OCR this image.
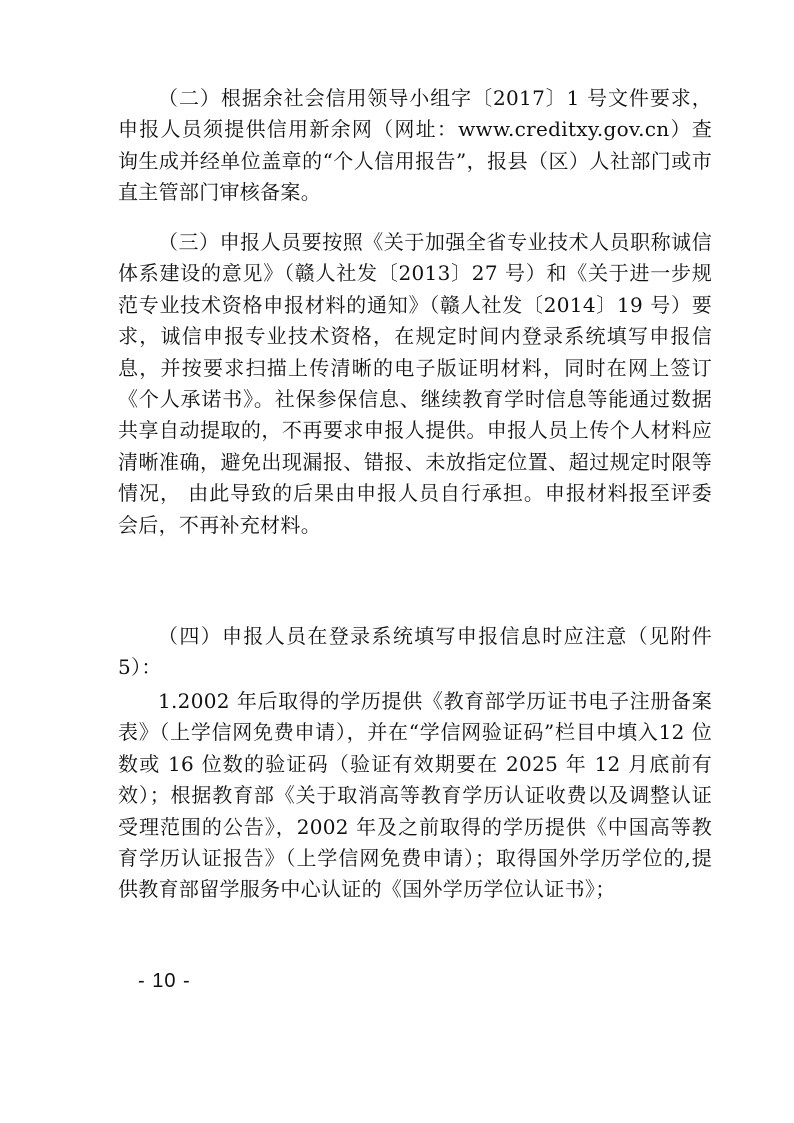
（二）根据余社会信用领导小组字〔2017〕1 号文件要求，申报人员须提供信用新余网（网址：www.creditxy.gov.cn）查询生成并经单位盖章的“个人信用报告”，报县（区）人社部门或市直主管部门审核备案。

（三）申报人员要按照《关于加强全省专业技术人员职称诚信体系建设的意见》（赣人社发〔2013〕27 号）和《关于进一步规范专业技术资格申报材料的通知》（赣人社发〔2014〕19 号）要求，诚信申报专业技术资格，在规定时间内登录系统填写申报信息，并按要求扫描上传清晰的电子版证明材料，同时在网上签订《个人承诺书》。社保参保信息、继续教育学时信息等能通过数据共享自动提取的，不再要求申报人提供。申报人员上传个人材料应清晰准确，避免出现漏报、错报、未放指定位置、超过规定时限等情况， 由此导致的后果由申报人员自行承担。申报材料报至评委会后，不再补充材料。

（四）申报人员在登录系统填写申报信息时应注意（见附件5）：

1.2002 年后取得的学历提供《教育部学历证书电子注册备案表》（上学信网免费申请），并在“学信网验证码”栏目中填入12 位数或 16 位数的验证码（验证有效期要在 2025 年 12 月底前有效）；根据教育部《关于取消高等教育学历认证收费以及调整认证受理范围的公告》，2002 年及之前取得的学历提供《中国高等教育学历认证报告》（上学信网免费申请）；取得国外学历学位的,提供教育部留学服务中心认证的《国外学历学位认证书》；

- 10 -
